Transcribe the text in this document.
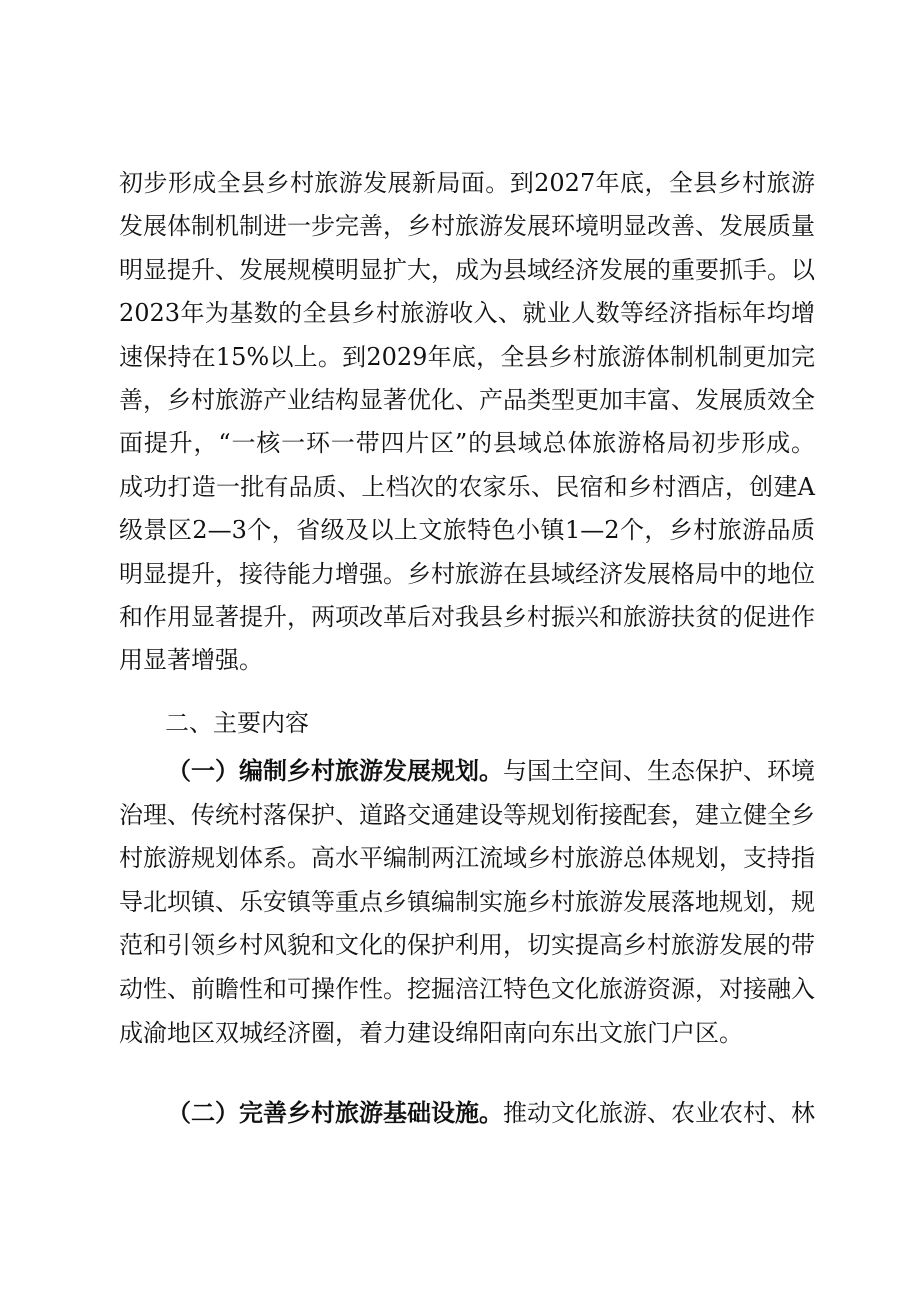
初步形成全县乡村旅游发展新局面。到2027年底，全县乡村旅游发展体制机制进一步完善，乡村旅游发展环境明显改善、发展质量明显提升、发展规模明显扩大，成为县域经济发展的重要抓手。以2023年为基数的全县乡村旅游收入、就业人数等经济指标年均增速保持在15%以上。到2029年底，全县乡村旅游体制机制更加完善，乡村旅游产业结构显著优化、产品类型更加丰富、发展质效全面提升，“一核一环一带四片区”的县域总体旅游格局初步形成。成功打造一批有品质、上档次的农家乐、民宿和乡村酒店，创建A级景区2—3个，省级及以上文旅特色小镇1—2个，乡村旅游品质明显提升，接待能力增强。乡村旅游在县域经济发展格局中的地位和作用显著提升，两项改革后对我县乡村振兴和旅游扶贫的促进作用显著增强。

二、主要内容

（一）编制乡村旅游发展规划。与国土空间、生态保护、环境治理、传统村落保护、道路交通建设等规划衔接配套，建立健全乡村旅游规划体系。高水平编制两江流域乡村旅游总体规划，支持指导北坝镇、乐安镇等重点乡镇编制实施乡村旅游发展落地规划，规范和引领乡村风貌和文化的保护利用，切实提高乡村旅游发展的带动性、前瞻性和可操作性。挖掘涪江特色文化旅游资源，对接融入成渝地区双城经济圈，着力建设绵阳南向东出文旅门户区。

（二）完善乡村旅游基础设施。推动文化旅游、农业农村、林
